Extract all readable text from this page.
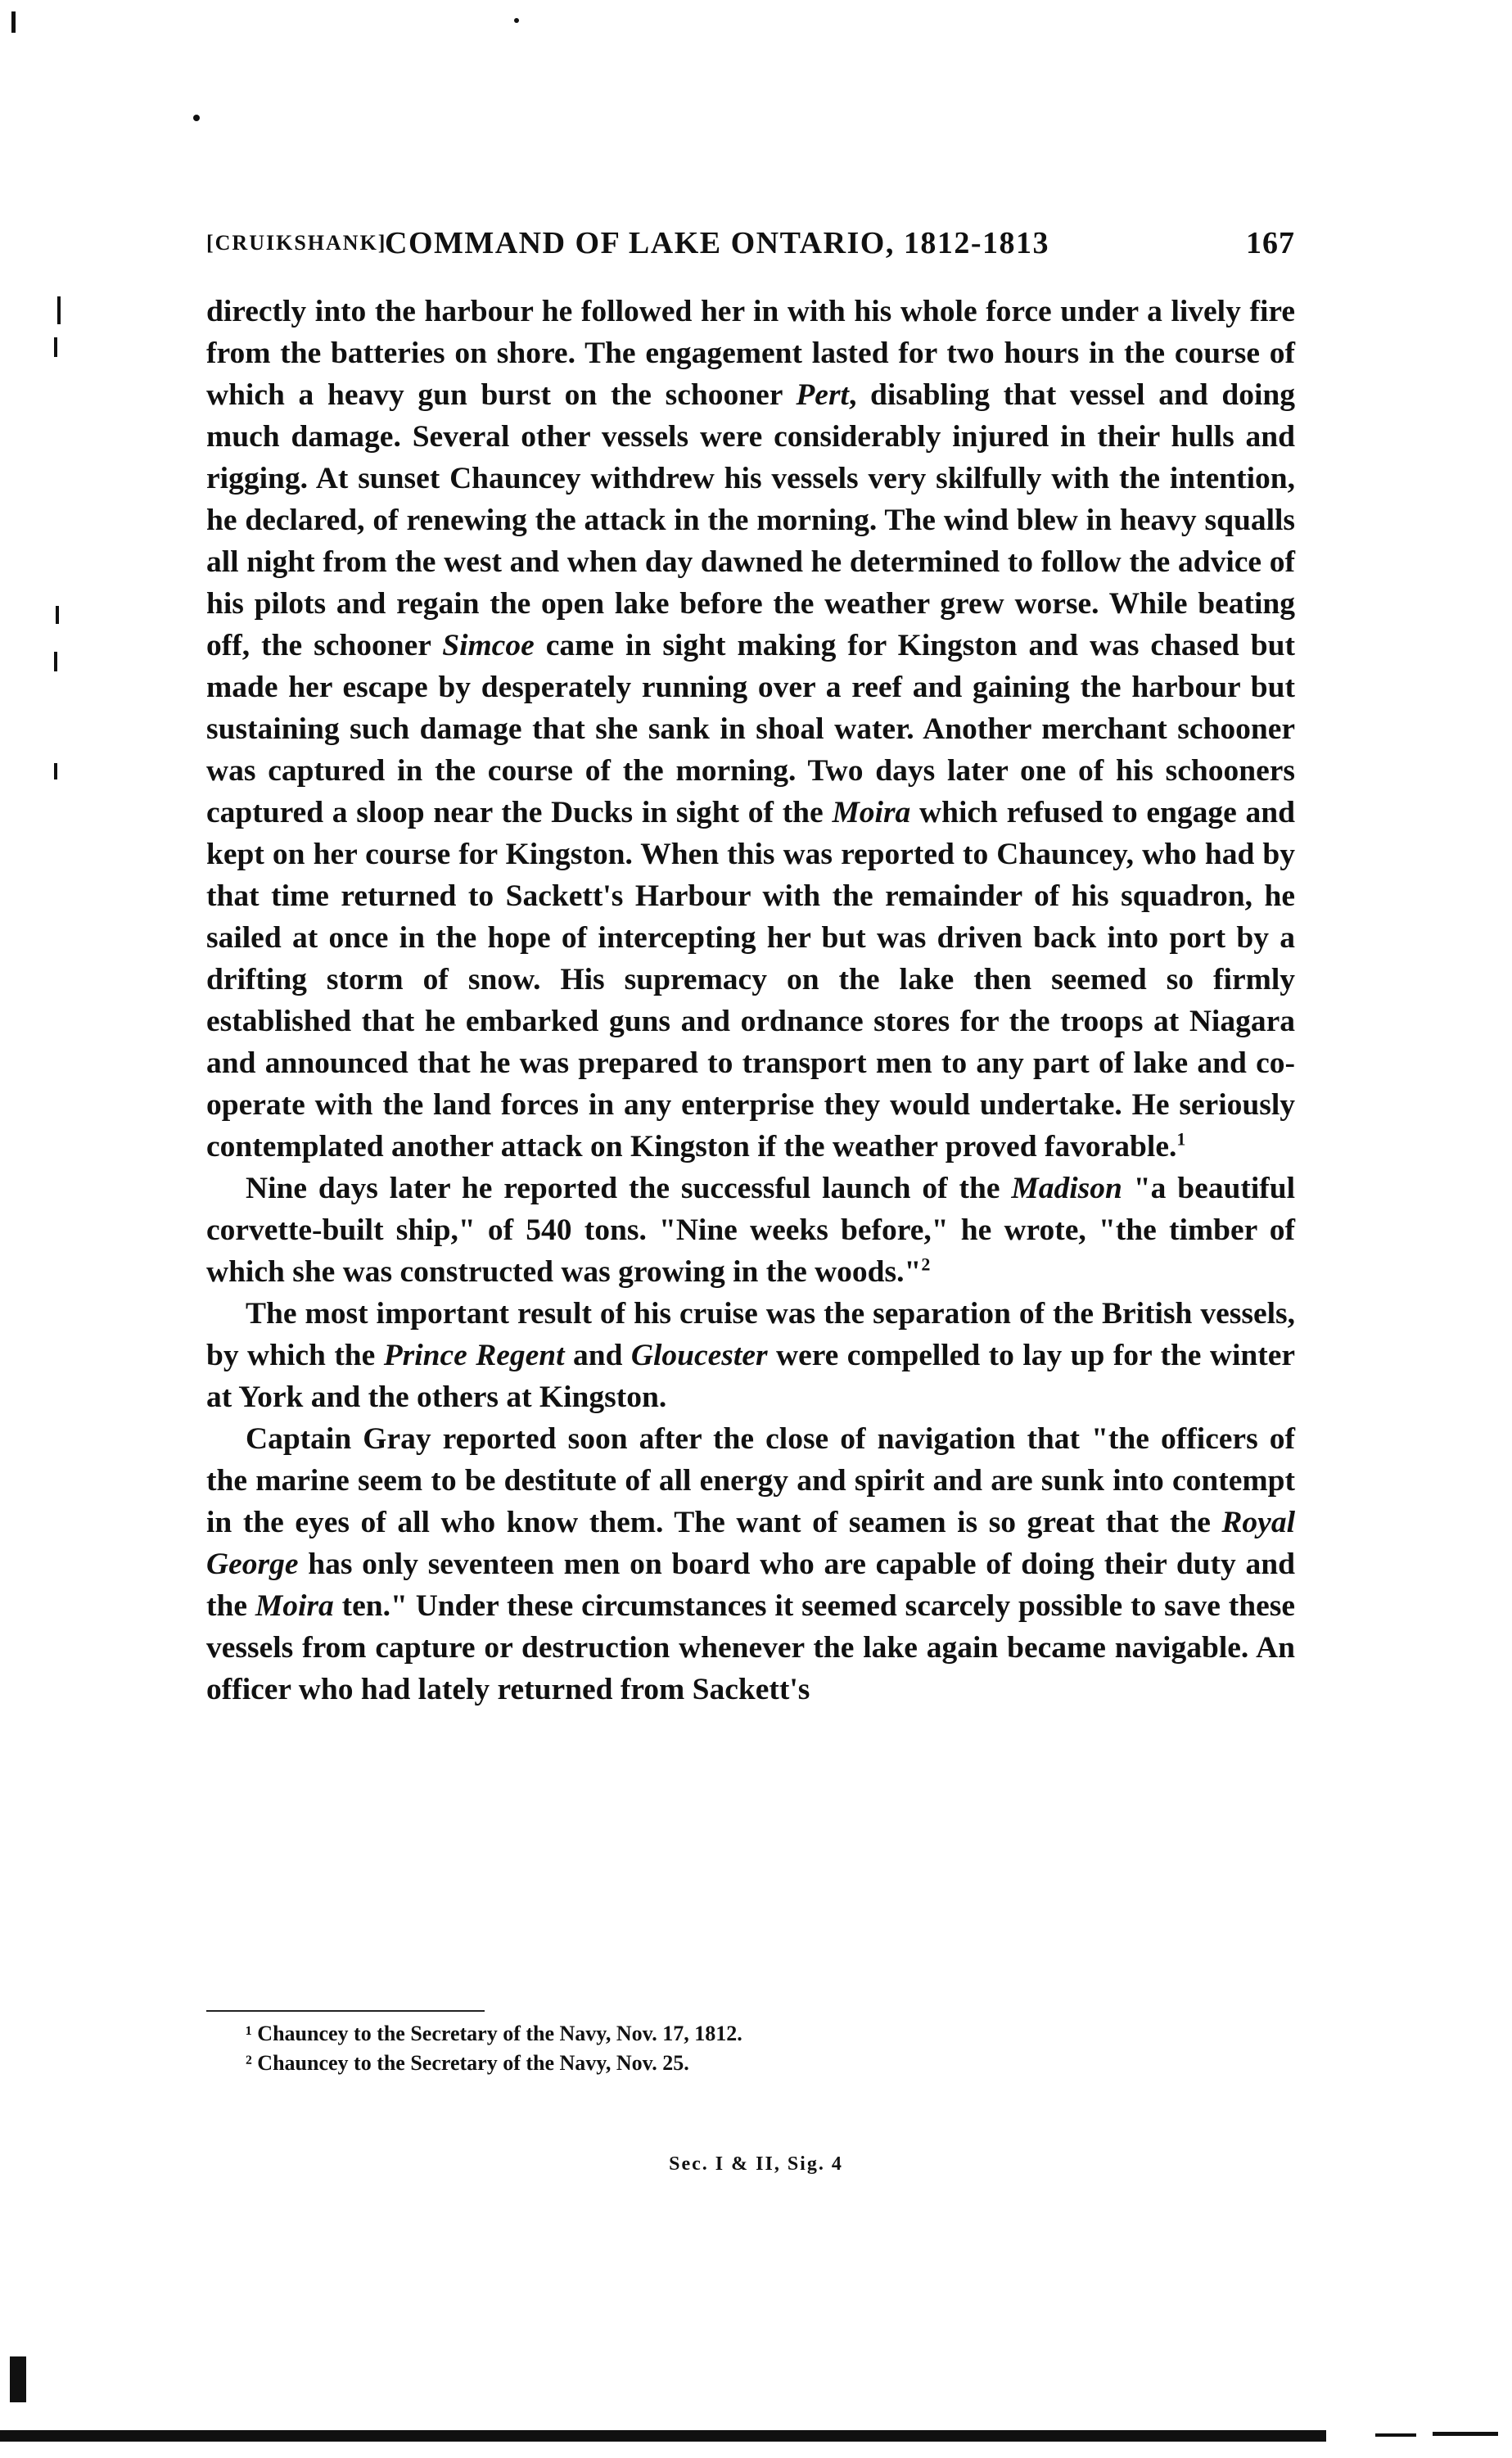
[CRUIKSHANK]
COMMAND OF LAKE ONTARIO, 1812-1813	167

directly into the harbour he followed her in with his whole force under a lively fire from the batteries on shore. The engagement lasted for two hours in the course of which a heavy gun burst on the schooner Pert, disabling that vessel and doing much damage. Several other vessels were considerably injured in their hulls and rigging. At sunset Chauncey withdrew his vessels very skilfully with the intention, he declared, of renewing the attack in the morning. The wind blew in heavy squalls all night from the west and when day dawned he determined to follow the advice of his pilots and regain the open lake before the weather grew worse. While beating off, the schooner Simcoe came in sight making for Kingston and was chased but made her escape by desperately running over a reef and gaining the harbour but sustaining such damage that she sank in shoal water. Another merchant schooner was captured in the course of the morning. Two days later one of his schooners captured a sloop near the Ducks in sight of the Moira which refused to engage and kept on her course for Kingston. When this was reported to Chauncey, who had by that time returned to Sackett's Harbour with the remainder of his squadron, he sailed at once in the hope of intercepting her but was driven back into port by a drifting storm of snow. His supremacy on the lake then seemed so firmly established that he embarked guns and ordnance stores for the troops at Niagara and announced that he was prepared to transport men to any part of lake and co-operate with the land forces in any enterprise they would undertake. He seriously contemplated another attack on Kingston if the weather proved favorable.$^1$

Nine days later he reported the successful launch of the Madison "a beautiful corvette-built ship," of 540 tons. "Nine weeks before," he wrote, "the timber of which she was constructed was growing in the woods."$^2$

The most important result of his cruise was the separation of the British vessels, by which the Prince Regent and Gloucester were compelled to lay up for the winter at York and the others at Kingston.

Captain Gray reported soon after the close of navigation that "the officers of the marine seem to be destitute of all energy and spirit and are sunk into contempt in the eyes of all who know them. The want of seamen is so great that the Royal George has only seventeen men on board who are capable of doing their duty and the Moira ten." Under these circumstances it seemed scarcely possible to save these vessels from capture or destruction whenever the lake again became navigable. An officer who had lately returned from Sackett's

¹ Chauncey to the Secretary of the Navy, Nov. 17, 1812.
² Chauncey to the Secretary of the Navy, Nov. 25.
Sec. I & II, Sig. 4
